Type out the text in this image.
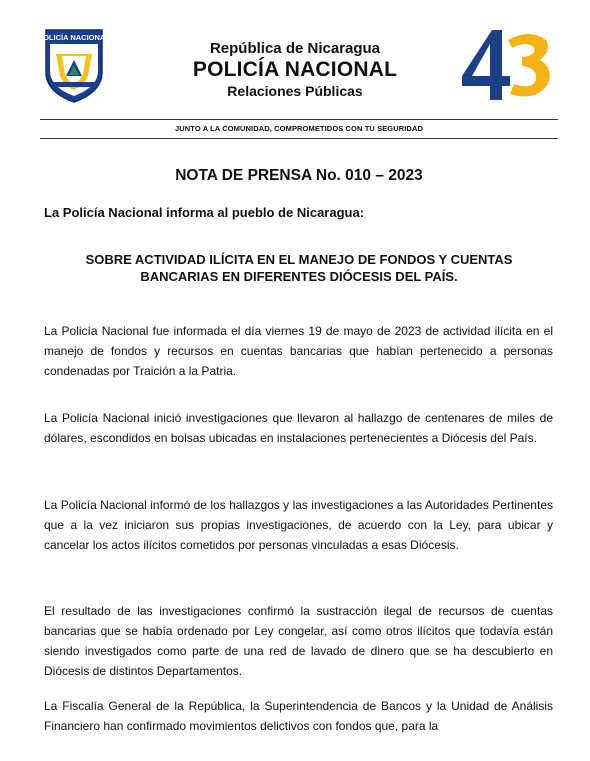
POLICÍA NACIONAL
República de Nicaragua
POLICÍA NACIONAL
Relaciones Públicas
43
JUNTO A LA COMUNIDAD, COMPROMETIDOS CON TU SEGURIDAD
NOTA DE PRENSA No. 010 – 2023
La Policía Nacional informa al pueblo de Nicaragua:
SOBRE ACTIVIDAD ILÍCITA EN EL MANEJO DE FONDOS Y CUENTAS
BANCARIAS EN DIFERENTES DIÓCESIS DEL PAÍS.
La Policía Nacional fue informada el día viernes 19 de mayo de 2023 de actividad ilícita en el manejo de fondos y recursos en cuentas bancarias que habían pertenecido a personas condenadas por Traición a la Patria.
La Policía Nacional inició investigaciones que llevaron al hallazgo de centenares de miles de dólares, escondidos en bolsas ubicadas en instalaciones pertenecientes a Diócesis del País.
La Policía Nacional informó de los hallazgos y las investigaciones a las Autoridades Pertinentes que a la vez iniciaron sus propias investigaciones, de acuerdo con la Ley, para ubicar y cancelar los actos ilícitos cometidos por personas vinculadas a esas Diócesis.
El resultado de las investigaciones confirmó la sustracción ilegal de recursos de cuentas bancarias que se había ordenado por Ley congelar, así como otros ilícitos que todavía están siendo investigados como parte de una red de lavado de dinero que se ha descubierto en Diócesis de distintos Departamentos.
La Fiscalía General de la República, la Superintendencia de Bancos y la Unidad de Análisis Financiero han confirmado movimientos delictivos con fondos que, para la
